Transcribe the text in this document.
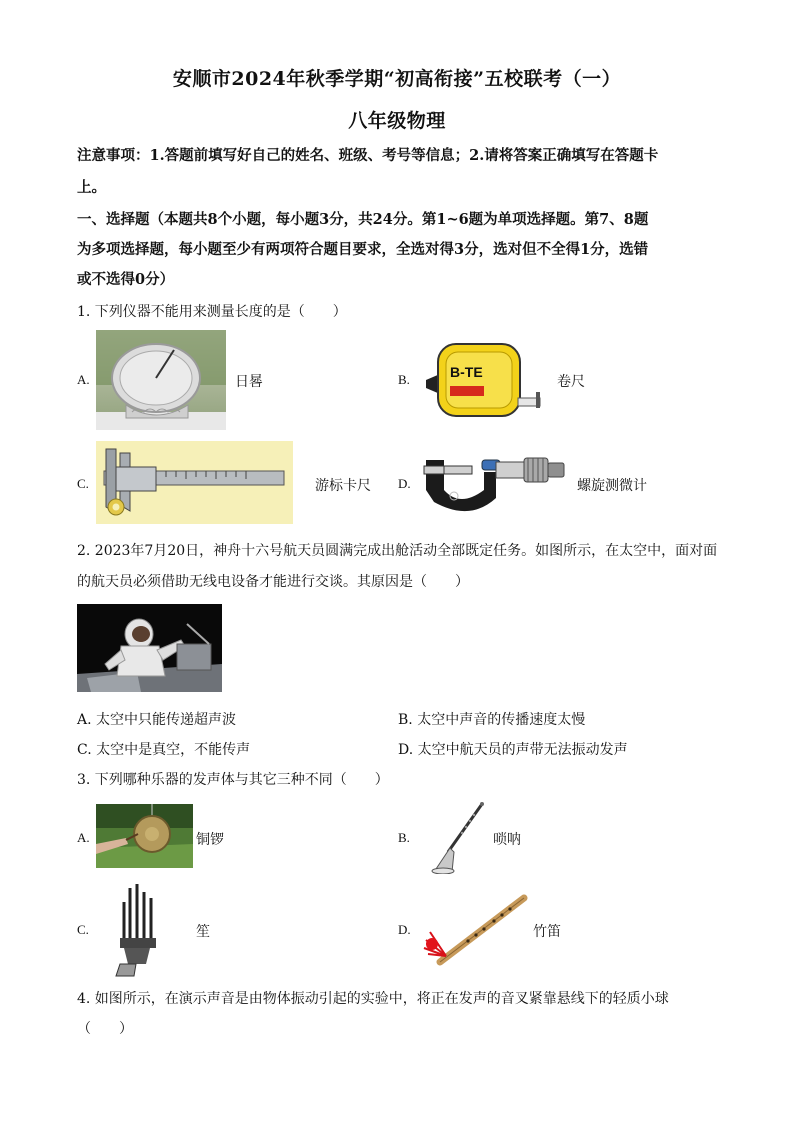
安顺市2024年秋季学期“初高衔接”五校联考（一）
八年级物理
注意事项：1.答题前填写好自己的姓名、班级、考号等信息；2.请将答案正确填写在答题卡
上。
一、选择题（本题共8个小题，每小题3分，共24分。第1~6题为单项选择题。第7、8题
为多项选择题，每小题至少有两项符合题目要求，全选对得3分，选对但不全得1分，选错
或不选得0分）
1. 下列仪器不能用来测量长度的是（　　）
A.	日晷	B.	B-TE
卷尺
C.	游标卡尺 D.	螺旋测微计
2. 2023年7月20日，神舟十六号航天员圆满完成出舱活动全部既定任务。如图所示，在太空中，面对面
的航天员必须借助无线电设备才能进行交谈。其原因是（　　）
A. 太空中只能传递超声波	B. 太空中声音的传播速度太慢
C. 太空中是真空，不能传声	D. 太空中航天员的声带无法振动发声
3. 下列哪种乐器的发声体与其它三种不同（　　）
A.	铜锣	B.	唢呐
C.	笙	D.	竹笛
4. 如图所示，在演示声音是由物体振动引起的实验中，将正在发声的音叉紧靠悬线下的轻质小球
（　　）
